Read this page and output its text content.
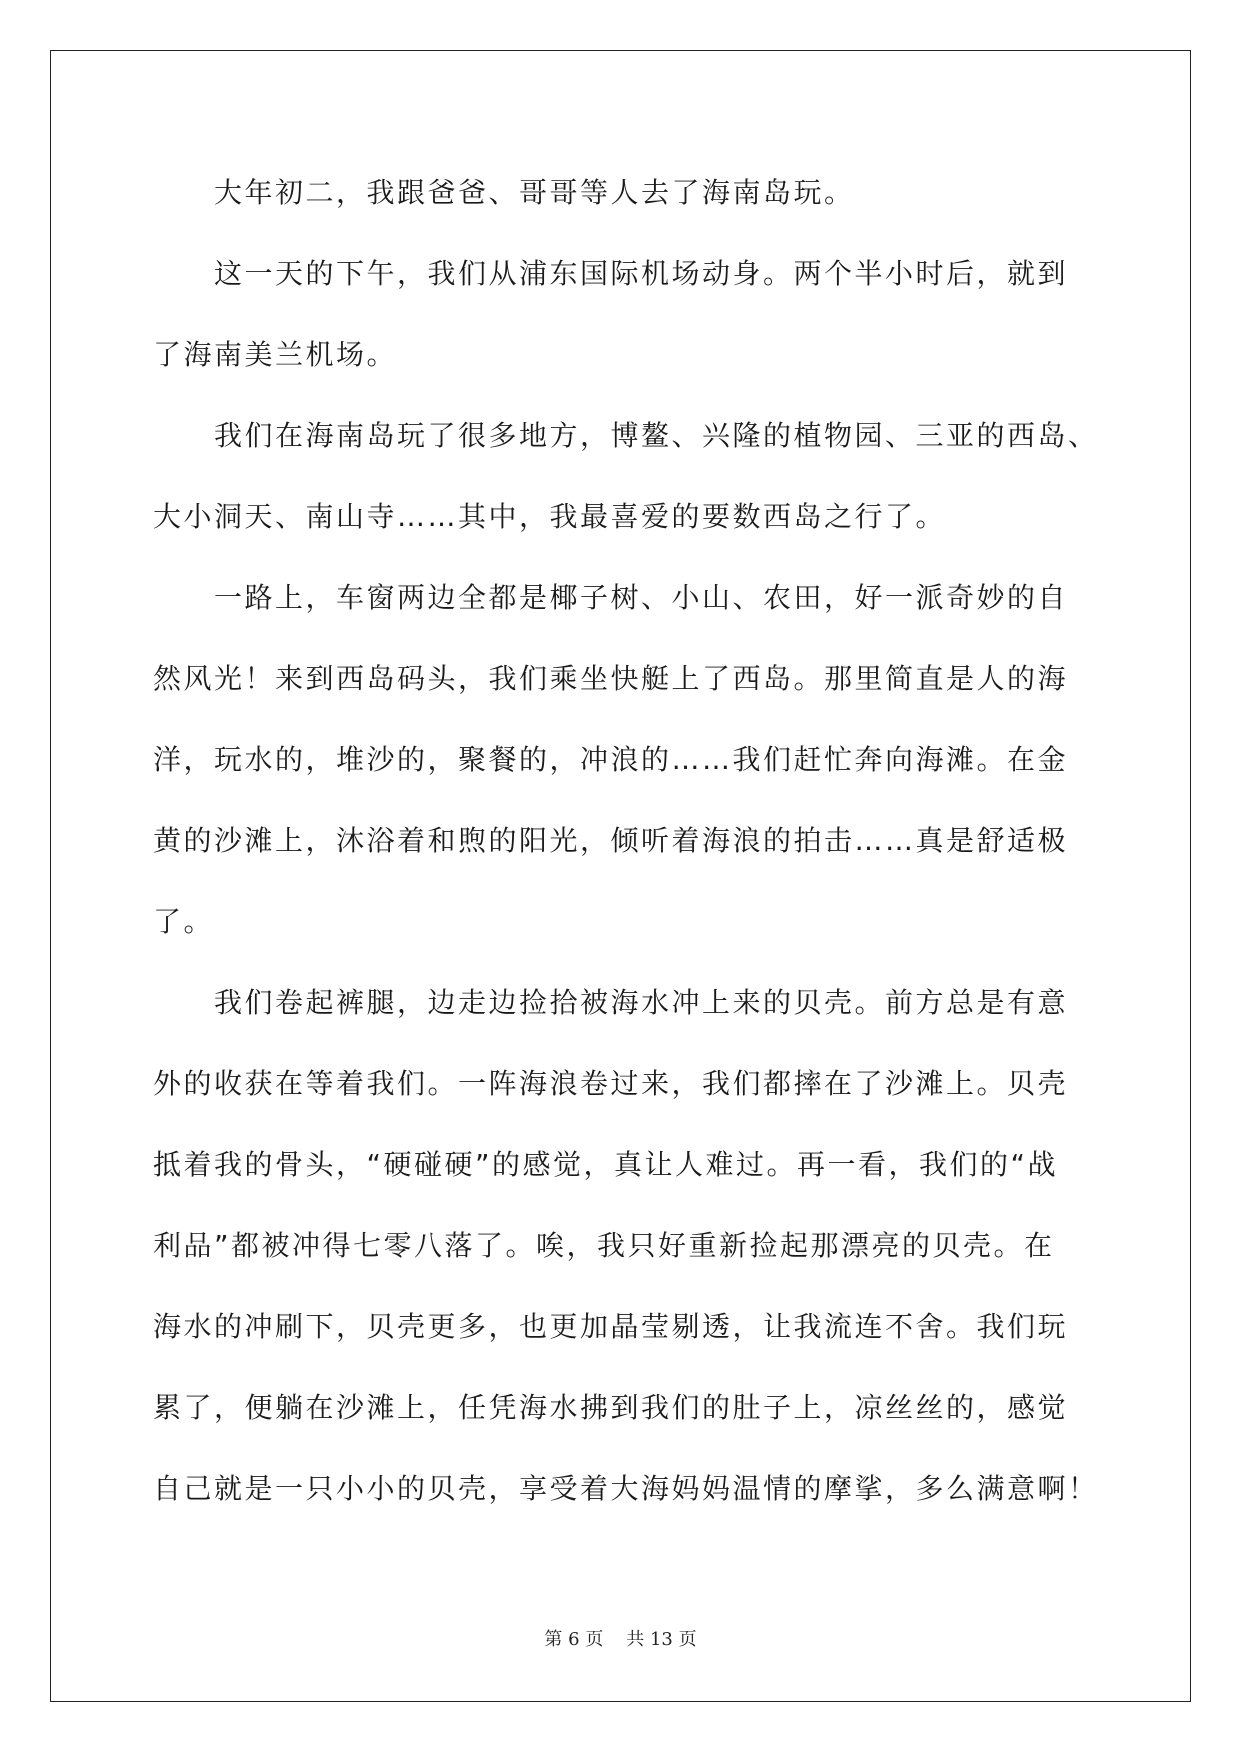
　　大年初二，我跟爸爸、哥哥等人去了海南岛玩。
　　这一天的下午，我们从浦东国际机场动身。两个半小时后，就到
了海南美兰机场。
　　我们在海南岛玩了很多地方，博鳌、兴隆的植物园、三亚的西岛、
大小洞天、南山寺……其中，我最喜爱的要数西岛之行了。
　　一路上，车窗两边全都是椰子树、小山、农田，好一派奇妙的自
然风光！来到西岛码头，我们乘坐快艇上了西岛。那里简直是人的海
洋，玩水的，堆沙的，聚餐的，冲浪的……我们赶忙奔向海滩。在金
黄的沙滩上，沐浴着和煦的阳光，倾听着海浪的拍击……真是舒适极
了。
　　我们卷起裤腿，边走边捡拾被海水冲上来的贝壳。前方总是有意
外的收获在等着我们。一阵海浪卷过来，我们都摔在了沙滩上。贝壳
抵着我的骨头，“硬碰硬”的感觉，真让人难过。再一看，我们的“战
利品”都被冲得七零八落了。唉，我只好重新捡起那漂亮的贝壳。在
海水的冲刷下，贝壳更多，也更加晶莹剔透，让我流连不舍。我们玩
累了，便躺在沙滩上，任凭海水拂到我们的肚子上，凉丝丝的，感觉
自己就是一只小小的贝壳，享受着大海妈妈温情的摩挲，多么满意啊！
第 6 页 共 13 页
